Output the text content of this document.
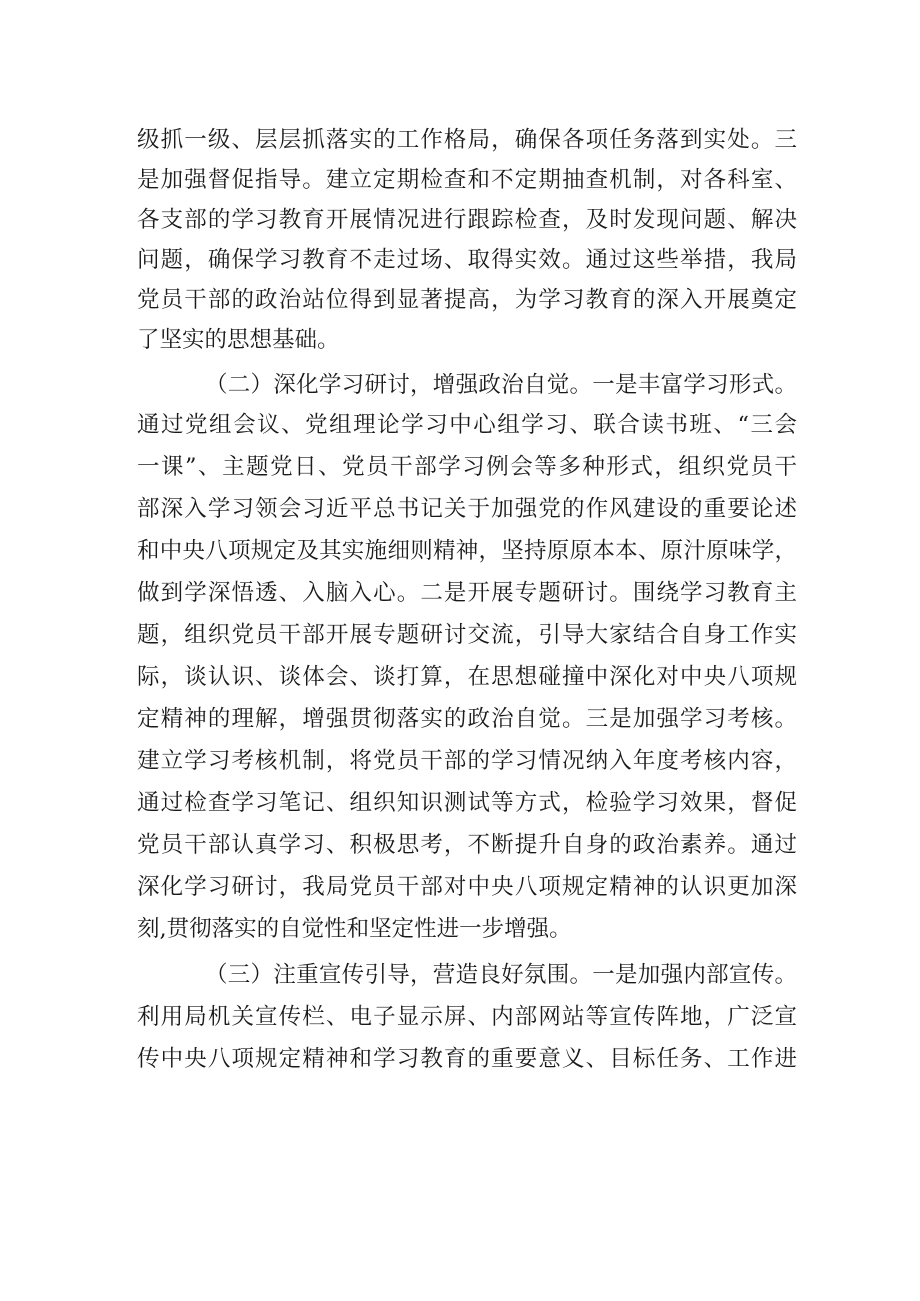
级抓一级、层层抓落实的工作格局，确保各项任务落到实处。三
是加强督促指导。建立定期检查和不定期抽查机制，对各科室、
各支部的学习教育开展情况进行跟踪检查，及时发现问题、解决
问题，确保学习教育不走过场、取得实效。通过这些举措，我局
党员干部的政治站位得到显著提高，为学习教育的深入开展奠定
了坚实的思想基础。
（二）深化学习研讨，增强政治自觉。一是丰富学习形式。
通过党组会议、党组理论学习中心组学习、联合读书班、“三会
一课”、主题党日、党员干部学习例会等多种形式，组织党员干
部深入学习领会习近平总书记关于加强党的作风建设的重要论述
和中央八项规定及其实施细则精神，坚持原原本本、原汁原味学，
做到学深悟透、入脑入心。二是开展专题研讨。围绕学习教育主
题，组织党员干部开展专题研讨交流，引导大家结合自身工作实
际，谈认识、谈体会、谈打算，在思想碰撞中深化对中央八项规
定精神的理解，增强贯彻落实的政治自觉。三是加强学习考核。
建立学习考核机制，将党员干部的学习情况纳入年度考核内容，
通过检查学习笔记、组织知识测试等方式，检验学习效果，督促
党员干部认真学习、积极思考，不断提升自身的政治素养。通过
深化学习研讨，我局党员干部对中央八项规定精神的认识更加深
刻,贯彻落实的自觉性和坚定性进一步增强。
（三）注重宣传引导，营造良好氛围。一是加强内部宣传。
利用局机关宣传栏、电子显示屏、内部网站等宣传阵地，广泛宣
传中央八项规定精神和学习教育的重要意义、目标任务、工作进
